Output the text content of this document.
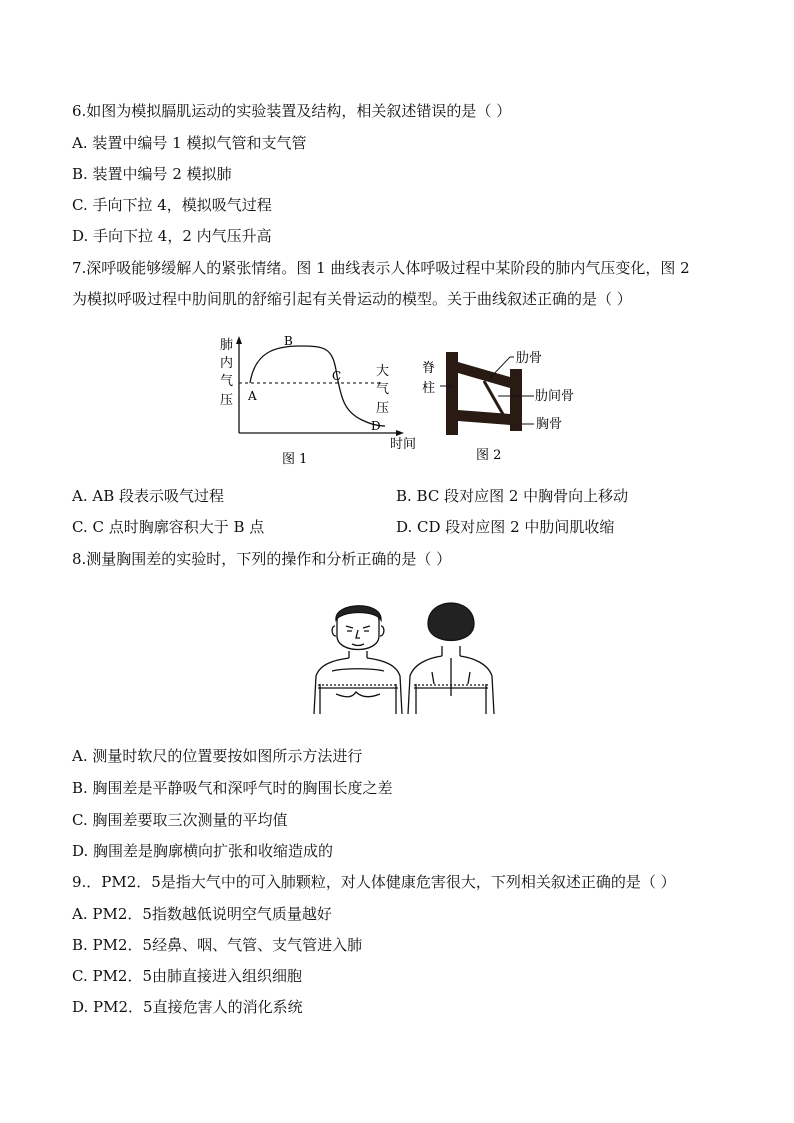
6.如图为模拟膈肌运动的实验装置及结构，相关叙述错误的是（ ）
A. 装置中编号 1 模拟气管和支气管
B. 装置中编号 2 模拟肺
C. 手向下拉 4，模拟吸气过程
D. 手向下拉 4，2 内气压升高
7.深呼吸能够缓解人的紧张情绪。图 1 曲线表示人体呼吸过程中某阶段的肺内气压变化，图 2
为模拟呼吸过程中肋间肌的舒缩引起有关骨运动的模型。关于曲线叙述正确的是（ ）
肺
内
气
压 A
B
C
D
大
气
压
时间
图 1
脊
柱
肋骨
肋间骨
胸骨
图 2
A. AB 段表示吸气过程	B. BC 段对应图 2 中胸骨向上移动
C. C 点时胸廓容积大于 B 点	D. CD 段对应图 2 中肋间肌收缩
8.测量胸围差的实验时，下列的操作和分析正确的是（ ）
A. 测量时软尺的位置要按如图所示方法进行
B. 胸围差是平静吸气和深呼气时的胸围长度之差
C. 胸围差要取三次测量的平均值
D. 胸围差是胸廓横向扩张和收缩造成的
9.．PM2．5是指大气中的可入肺颗粒，对人体健康危害很大，下列相关叙述正确的是（ ）
A. PM2．5指数越低说明空气质量越好
B. PM2．5经鼻、咽、气管、支气管进入肺
C. PM2．5由肺直接进入组织细胞
D. PM2．5直接危害人的消化系统
